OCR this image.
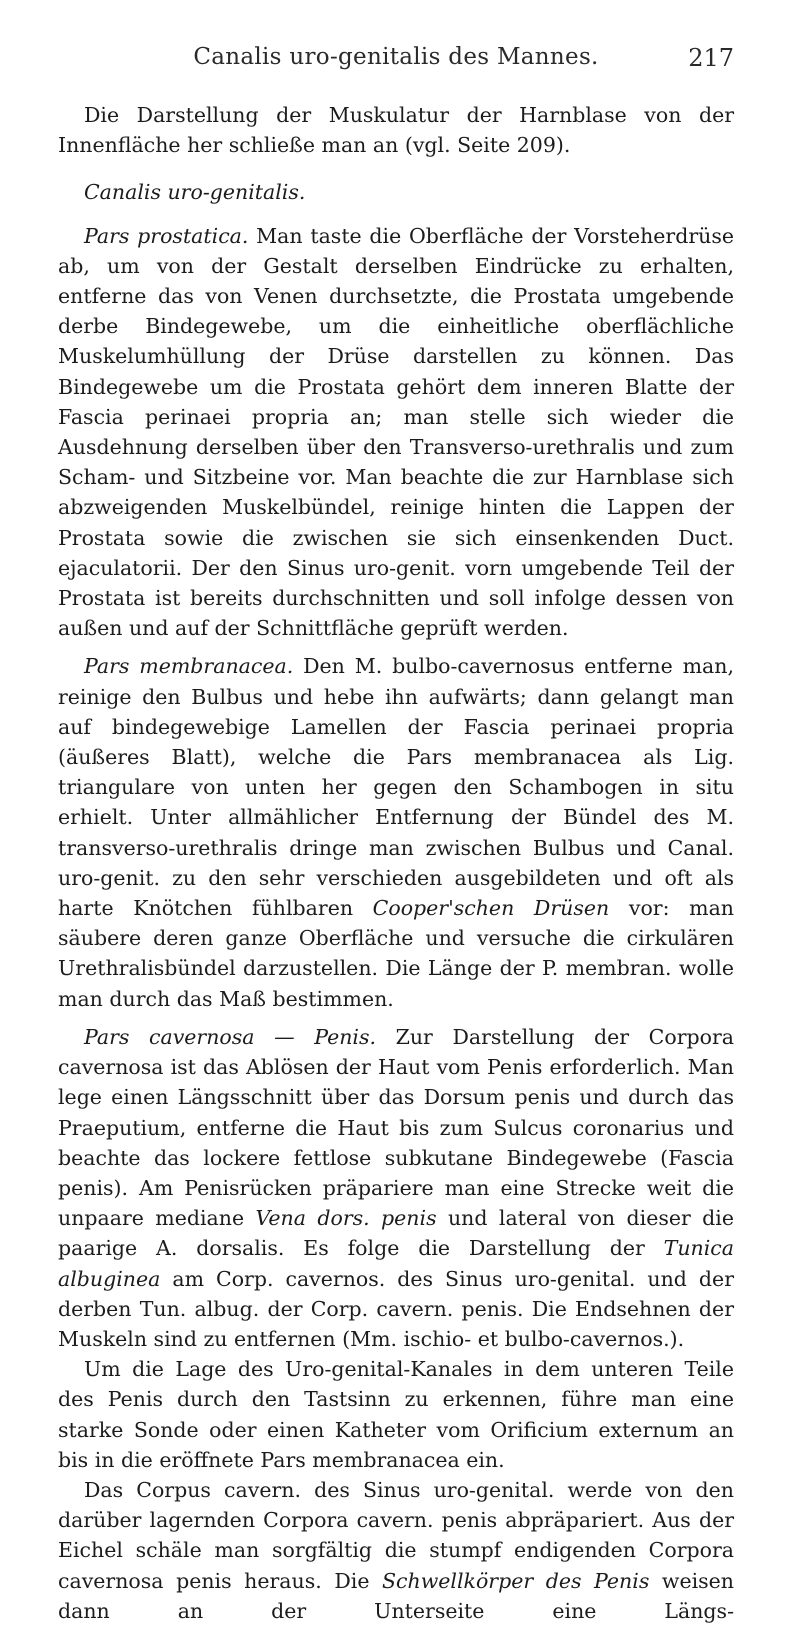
Canalis uro-genitalis des Mannes.	217

Die Darstellung der Muskulatur der Harnblase von der Innenfläche her schließe man an (vgl. Seite 209).

Canalis uro-genitalis.

Pars prostatica. Man taste die Oberfläche der Vorsteherdrüse ab, um von der Gestalt derselben Eindrücke zu erhalten, entferne das von Venen durchsetzte, die Prostata umgebende derbe Bindegewebe, um die einheitliche oberflächliche Muskelumhüllung der Drüse darstellen zu können. Das Bindegewebe um die Prostata gehört dem inneren Blatte der Fascia perinaei propria an; man stelle sich wieder die Ausdehnung derselben über den Transverso-urethralis und zum Scham- und Sitzbeine vor. Man beachte die zur Harnblase sich abzweigenden Muskelbündel, reinige hinten die Lappen der Prostata sowie die zwischen sie sich einsenkenden Duct. ejaculatorii. Der den Sinus uro-genit. vorn umgebende Teil der Prostata ist bereits durchschnitten und soll infolge dessen von außen und auf der Schnittfläche geprüft werden.

Pars membranacea. Den M. bulbo-cavernosus entferne man, reinige den Bulbus und hebe ihn aufwärts; dann gelangt man auf bindegewebige Lamellen der Fascia perinaei propria (äußeres Blatt), welche die Pars membranacea als Lig. triangulare von unten her gegen den Schambogen in situ erhielt. Unter allmählicher Entfernung der Bündel des M. transverso-urethralis dringe man zwischen Bulbus und Canal. uro-genit. zu den sehr verschieden ausgebildeten und oft als harte Knötchen fühlbaren Cooper'schen Drüsen vor: man säubere deren ganze Oberfläche und versuche die cirkulären Urethralisbündel darzustellen. Die Länge der P. membran. wolle man durch das Maß bestimmen.

Pars cavernosa — Penis. Zur Darstellung der Corpora cavernosa ist das Ablösen der Haut vom Penis erforderlich. Man lege einen Längsschnitt über das Dorsum penis und durch das Praeputium, entferne die Haut bis zum Sulcus coronarius und beachte das lockere fettlose subkutane Bindegewebe (Fascia penis). Am Penisrücken präpariere man eine Strecke weit die unpaare mediane Vena dors. penis und lateral von dieser die paarige A. dorsalis. Es folge die Darstellung der Tunica albuginea am Corp. cavernos. des Sinus uro-genital. und der derben Tun. albug. der Corp. cavern. penis. Die Endsehnen der Muskeln sind zu entfernen (Mm. ischio- et bulbo-cavernos.).

Um die Lage des Uro-genital-Kanales in dem unteren Teile des Penis durch den Tastsinn zu erkennen, führe man eine starke Sonde oder einen Katheter vom Orificium externum an bis in die eröffnete Pars membranacea ein.

Das Corpus cavern. des Sinus uro-genital. werde von den darüber lagernden Corpora cavern. penis abpräpariert. Aus der Eichel schäle man sorgfältig die stumpf endigenden Corpora cavernosa penis heraus. Die Schwellkörper des Penis weisen dann an der Unterseite eine Längs-
